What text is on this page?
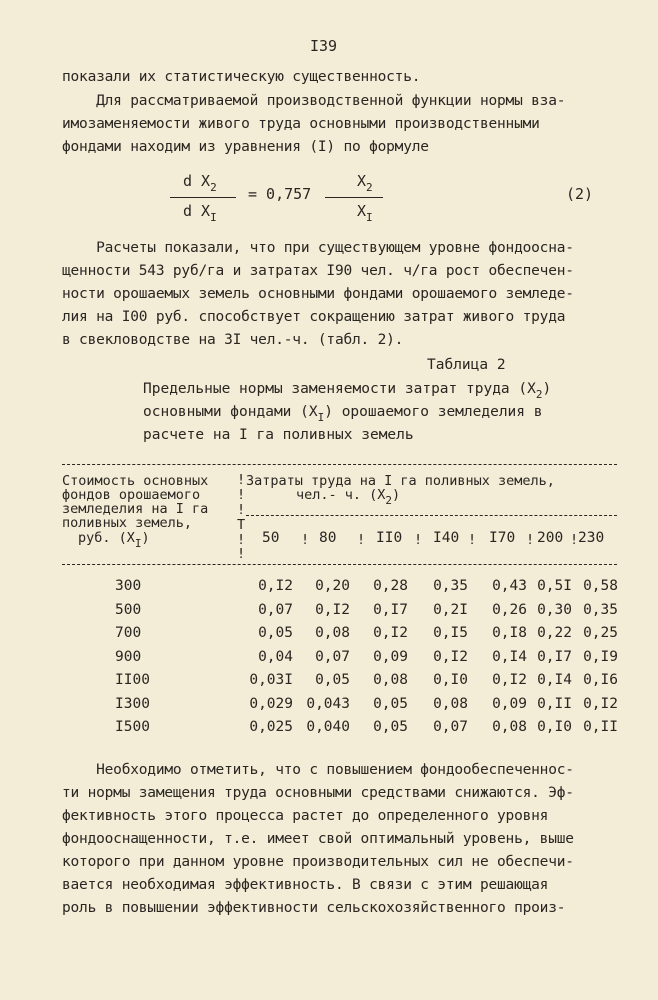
I39
показали их статистическую существенность.
Для рассматриваемой производственной функции нормы вза-
имозаменяемости живого труда основными производственными
фондами находим из уравнения (I) по формуле
d $X_2$
d $X_I$
= 0,757
$X_2$
$X_I$
(2)
Расчеты показали, что при существующем уровне фондоосна-
щенности 543 руб/га и затратах I90 чел. ч/га рост обеспечен-
ности орошаемых земель основными фондами орошаемого земледе-
лия на I00 руб. способствует сокращению затрат живого труда
в свекловодстве на 3I чел.-ч. (табл. 2).
Таблица 2
Предельные нормы заменяемости затрат труда $(X_2)$
основными фондами $(X_I)$ орошаемого земледелия в
расчете на I га поливных земель
Стоимость основных
фондов орошаемого
земледелия на I га
поливных земель,
руб. $(X_I)$
Затраты труда на I га поливных земель,
чел.- ч. $(X_2)$
!
!
!
T
!
!
50	80	II0 I40 I70 200 230
!	!	!	!	!	!
300	0,I2 0,20 0,28 0,35 0,43 0,5I 0,58
500	0,07 0,I2 0,I7 0,2I 0,26 0,30 0,35
700	0,05 0,08 0,I2 0,I5 0,I8 0,22 0,25
900	0,04 0,07 0,09 0,I2 0,I4 0,I7 0,I9
II00	0,03I 0,05 0,08 0,I0 0,I2 0,I4 0,I6
I300	0,029 0,043 0,05 0,08 0,09 0,II 0,I2
I500	0,025 0,040 0,05 0,07 0,08 0,I0 0,II
Необходимо отметить, что с повышением фондообеспеченнос-
ти нормы замещения труда основными средствами снижаются. Эф-
фективность этого процесса растет до определенного уровня
фондооснащенности, т.е. имеет свой оптимальный уровень, выше
которого при данном уровне производительных сил не обеспечи-
вается необходимая эффективность. В связи с этим решающая
роль в повышении эффективности сельскохозяйственного произ-
